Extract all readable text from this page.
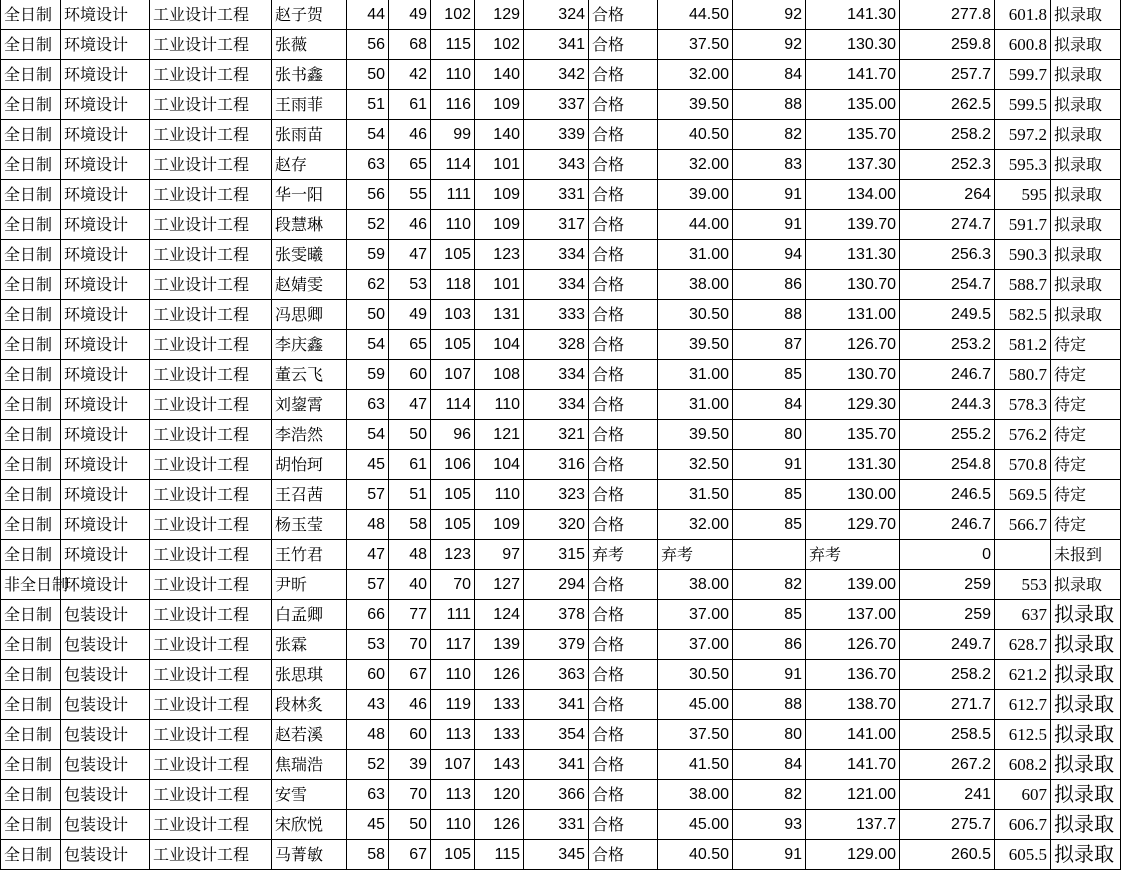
全日制	环境设计	工业设计工程	赵子贺	44	49	102	129	324	合格	44.50	92	141.30	277.8	601.8	拟录取
全日制	环境设计	工业设计工程	张薇	56	68	115	102	341	合格	37.50	92	130.30	259.8	600.8	拟录取
全日制	环境设计	工业设计工程	张书鑫	50	42	110	140	342	合格	32.00	84	141.70	257.7	599.7	拟录取
全日制	环境设计	工业设计工程	王雨菲	51	61	116	109	337	合格	39.50	88	135.00	262.5	599.5	拟录取
全日制	环境设计	工业设计工程	张雨苗	54	46	99	140	339	合格	40.50	82	135.70	258.2	597.2	拟录取
全日制	环境设计	工业设计工程	赵存	63	65	114	101	343	合格	32.00	83	137.30	252.3	595.3	拟录取
全日制	环境设计	工业设计工程	华一阳	56	55	111	109	331	合格	39.00	91	134.00	264	595	拟录取
全日制	环境设计	工业设计工程	段慧琳	52	46	110	109	317	合格	44.00	91	139.70	274.7	591.7	拟录取
全日制	环境设计	工业设计工程	张雯曦	59	47	105	123	334	合格	31.00	94	131.30	256.3	590.3	拟录取
全日制	环境设计	工业设计工程	赵婧雯	62	53	118	101	334	合格	38.00	86	130.70	254.7	588.7	拟录取
全日制	环境设计	工业设计工程	冯思卿	50	49	103	131	333	合格	30.50	88	131.00	249.5	582.5	拟录取
全日制	环境设计	工业设计工程	李庆鑫	54	65	105	104	328	合格	39.50	87	126.70	253.2	581.2	待定
全日制	环境设计	工业设计工程	董云飞	59	60	107	108	334	合格	31.00	85	130.70	246.7	580.7	待定
全日制	环境设计	工业设计工程	刘鋆霄	63	47	114	110	334	合格	31.00	84	129.30	244.3	578.3	待定
全日制	环境设计	工业设计工程	李浩然	54	50	96	121	321	合格	39.50	80	135.70	255.2	576.2	待定
全日制	环境设计	工业设计工程	胡怡珂	45	61	106	104	316	合格	32.50	91	131.30	254.8	570.8	待定
全日制	环境设计	工业设计工程	王召茜	57	51	105	110	323	合格	31.50	85	130.00	246.5	569.5	待定
全日制	环境设计	工业设计工程	杨玉莹	48	58	105	109	320	合格	32.00	85	129.70	246.7	566.7	待定
全日制	环境设计	工业设计工程	王竹君	47	48	123	97	315	弃考	弃考		弃考	0		未报到
非全日制	环境设计	工业设计工程	尹昕	57	40	70	127	294	合格	38.00	82	139.00	259	553	拟录取
全日制	包装设计	工业设计工程	白孟卿	66	77	111	124	378	合格	37.00	85	137.00	259	637	拟录取
全日制	包装设计	工业设计工程	张霖	53	70	117	139	379	合格	37.00	86	126.70	249.7	628.7	拟录取
全日制	包装设计	工业设计工程	张思琪	60	67	110	126	363	合格	30.50	91	136.70	258.2	621.2	拟录取
全日制	包装设计	工业设计工程	段林炙	43	46	119	133	341	合格	45.00	88	138.70	271.7	612.7	拟录取
全日制	包装设计	工业设计工程	赵若溪	48	60	113	133	354	合格	37.50	80	141.00	258.5	612.5	拟录取
全日制	包装设计	工业设计工程	焦瑞浩	52	39	107	143	341	合格	41.50	84	141.70	267.2	608.2	拟录取
全日制	包装设计	工业设计工程	安雪	63	70	113	120	366	合格	38.00	82	121.00	241	607	拟录取
全日制	包装设计	工业设计工程	宋欣悦	45	50	110	126	331	合格	45.00	93	137.7	275.7	606.7	拟录取
全日制	包装设计	工业设计工程	马菁敏	58	67	105	115	345	合格	40.50	91	129.00	260.5	605.5	拟录取
